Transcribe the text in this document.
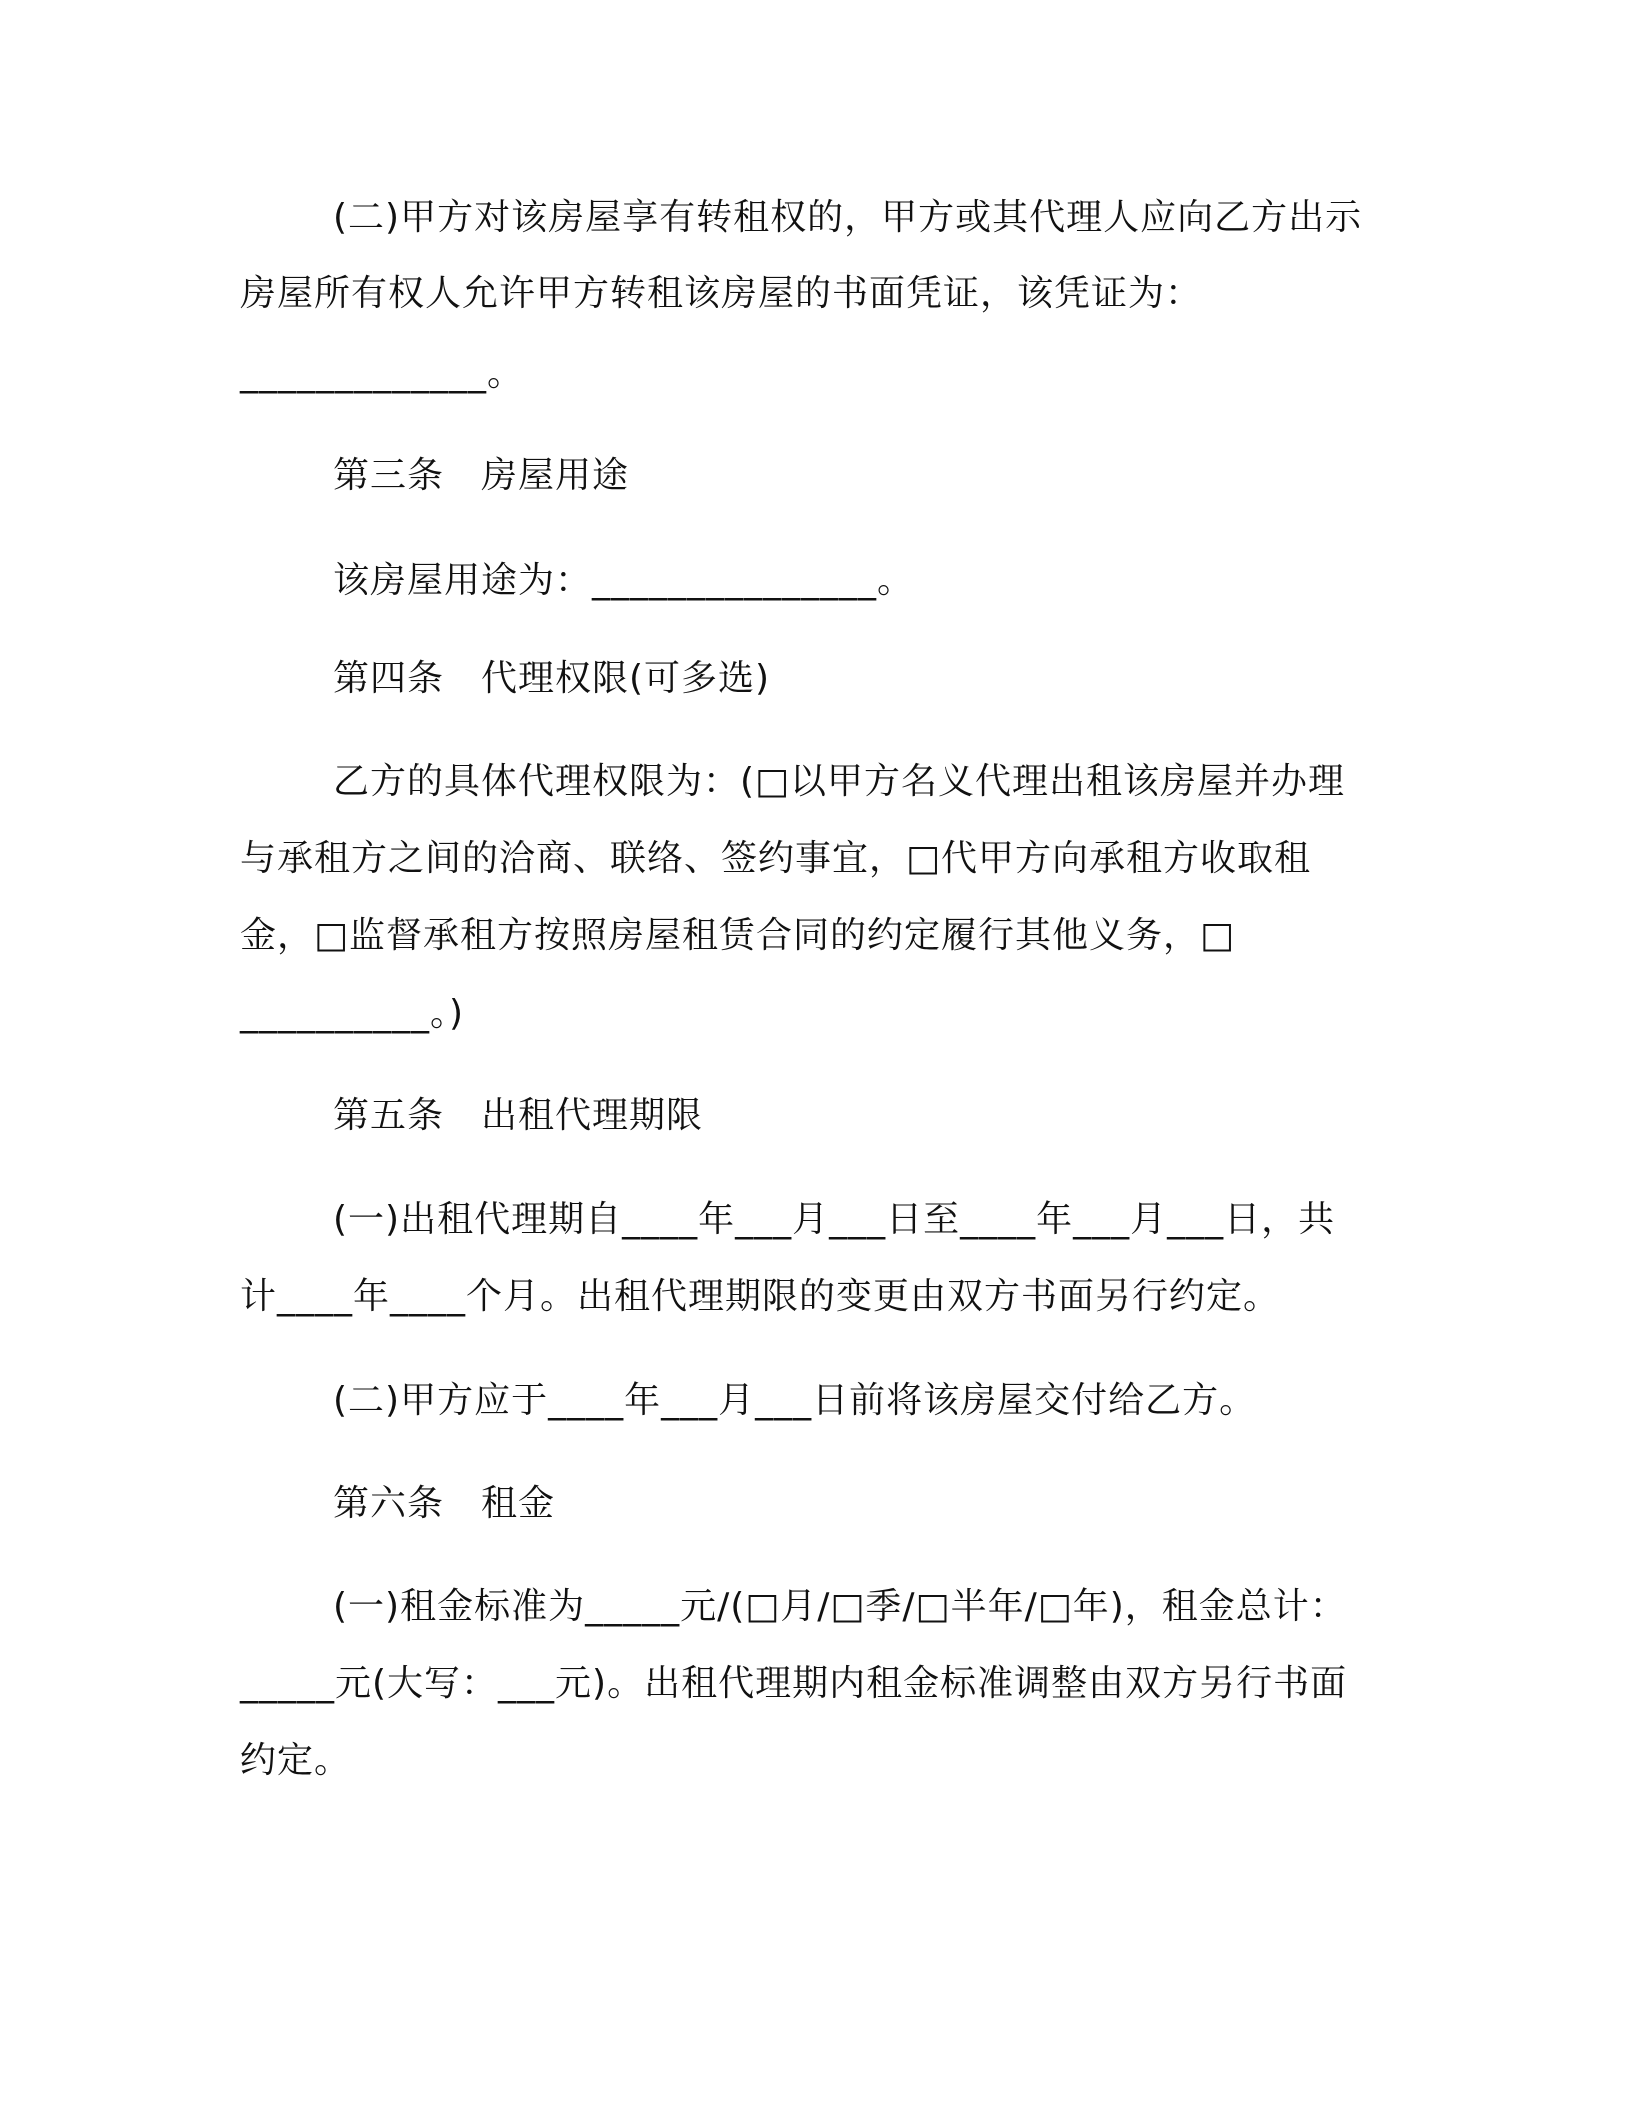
(二)甲方对该房屋享有转租权的，甲方或其代理人应向乙方出示
房屋所有权人允许甲方转租该房屋的书面凭证，该凭证为：
_____________。
第三条　房屋用途
该房屋用途为：_______________。
第四条　代理权限(可多选)
乙方的具体代理权限为：(□以甲方名义代理出租该房屋并办理
与承租方之间的洽商、联络、签约事宜，□代甲方向承租方收取租
金，□监督承租方按照房屋租赁合同的约定履行其他义务，□
__________。)
第五条　出租代理期限
(一)出租代理期自____年___月___日至____年___月___日，共
计____年____个月。出租代理期限的变更由双方书面另行约定。
(二)甲方应于____年___月___日前将该房屋交付给乙方。
第六条　租金
(一)租金标准为_____元/(□月/□季/□半年/□年)，租金总计：
_____元(大写：___元)。出租代理期内租金标准调整由双方另行书面
约定。
